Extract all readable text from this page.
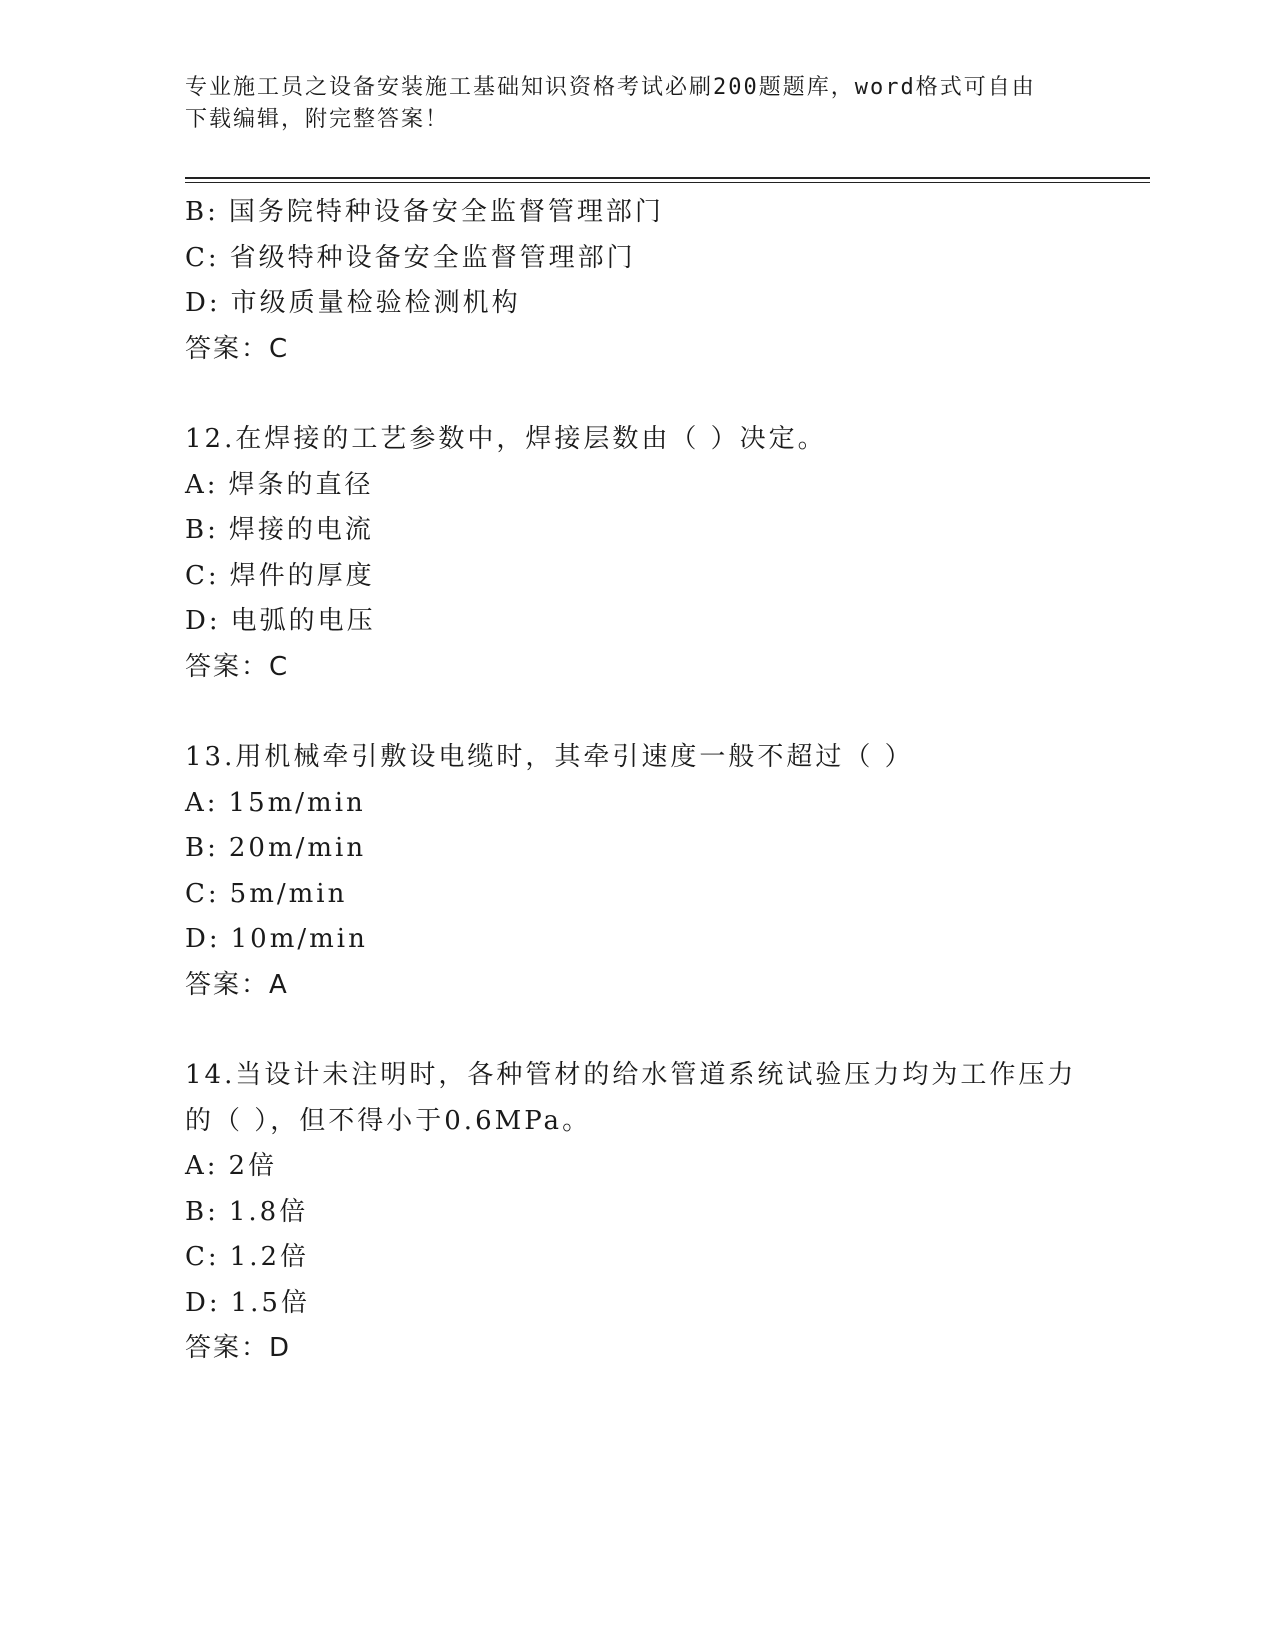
专业施工员之设备安装施工基础知识资格考试必刷200题题库，word格式可自由
下载编辑，附完整答案！
B: 国务院特种设备安全监督管理部门
C: 省级特种设备安全监督管理部门
D: 市级质量检验检测机构
答案：C
12.在焊接的工艺参数中，焊接层数由（ ）决定。
A: 焊条的直径
B: 焊接的电流
C: 焊件的厚度
D: 电弧的电压
答案：C
13.用机械牵引敷设电缆时，其牵引速度一般不超过（ ）
A: 15m/min
B: 20m/min
C: 5m/min
D: 10m/min
答案：A
14.当设计未注明时，各种管材的给水管道系统试验压力均为工作压力
的（ ），但不得小于0.6MPa。
A: 2倍
B: 1.8倍
C: 1.2倍
D: 1.5倍
答案：D
